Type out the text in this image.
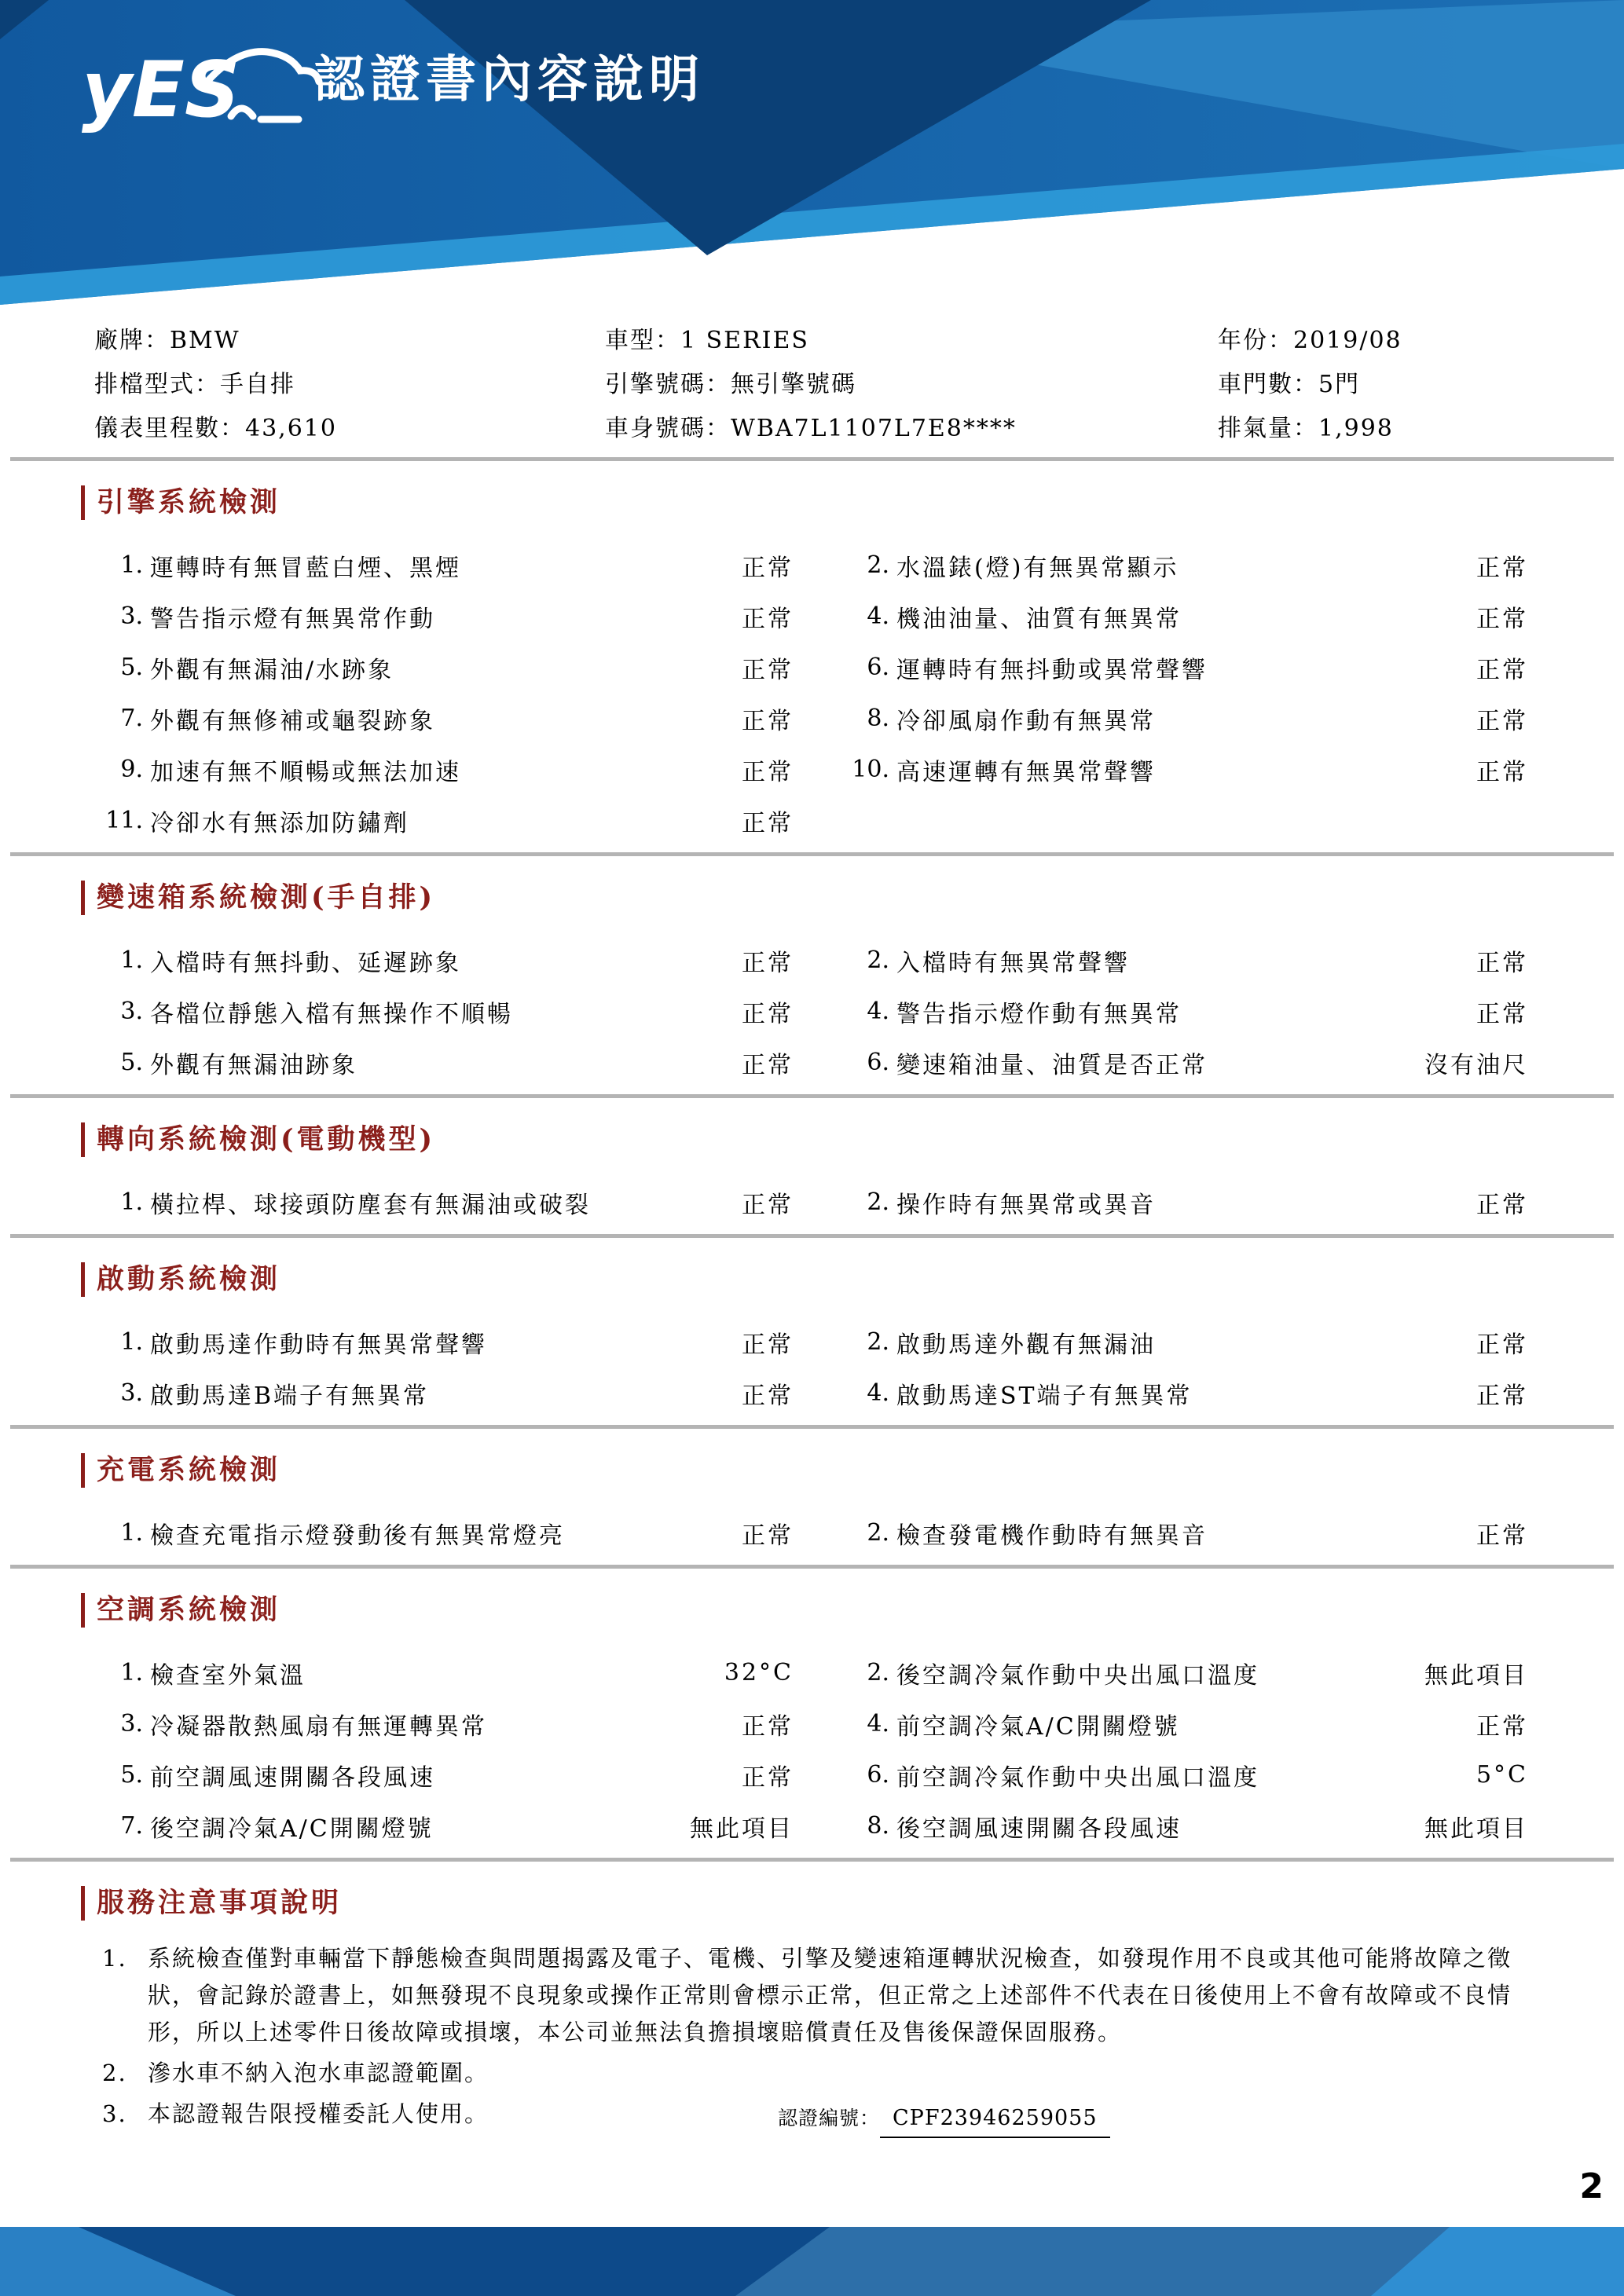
yES 認證書內容說明
廠牌：BMW	車型：1 SERIES	年份：2019/08
排檔型式：手自排	引擎號碼：無引擎號碼	車門數：5門
儀表里程數：43,610	車身號碼：WBA7L1107L7E8****	排氣量：1,998
引擎系統檢測
1. 運轉時有無冒藍白煙、黑煙	正常	2. 水溫錶(燈)有無異常顯示	正常
3. 警告指示燈有無異常作動	正常	4. 機油油量、油質有無異常	正常
5. 外觀有無漏油/水跡象	正常	6. 運轉時有無抖動或異常聲響	正常
7. 外觀有無修補或龜裂跡象	正常	8. 冷卻風扇作動有無異常	正常
9. 加速有無不順暢或無法加速	正常 10. 高速運轉有無異常聲響	正常
11. 冷卻水有無添加防鏽劑	正常
變速箱系統檢測(手自排)
1. 入檔時有無抖動、延遲跡象	正常	2. 入檔時有無異常聲響	正常
3. 各檔位靜態入檔有無操作不順暢	正常	4. 警告指示燈作動有無異常	正常
5. 外觀有無漏油跡象	正常	6. 變速箱油量、油質是否正常	沒有油尺
轉向系統檢測(電動機型)
1. 橫拉桿、球接頭防塵套有無漏油或破裂	正常	2. 操作時有無異常或異音	正常
啟動系統檢測
1. 啟動馬達作動時有無異常聲響	正常	2. 啟動馬達外觀有無漏油	正常
3. 啟動馬達B端子有無異常	正常	4. 啟動馬達ST端子有無異常	正常
充電系統檢測
1. 檢查充電指示燈發動後有無異常燈亮	正常	2. 檢查發電機作動時有無異音	正常
空調系統檢測
1. 檢查室外氣溫	32°C	2. 後空調冷氣作動中央出風口溫度	無此項目
3. 冷凝器散熱風扇有無運轉異常	正常	4. 前空調冷氣A/C開關燈號	正常
5. 前空調風速開關各段風速	正常	6. 前空調冷氣作動中央出風口溫度	5°C
7. 後空調冷氣A/C開關燈號	無此項目	8. 後空調風速開關各段風速	無此項目
服務注意事項說明
1. 系統檢查僅對車輛當下靜態檢查與問題揭露及電子、電機、引擎及變速箱運轉狀況檢查，如發現作用不良或其他可能將故障之徵狀，會記錄於證書上，如無發現不良現象或操作正常則會標示正常，但正常之上述部件不代表在日後使用上不會有故障或不良情形，所以上述零件日後故障或損壞，本公司並無法負擔損壞賠償責任及售後保證保固服務。
2. 滲水車不納入泡水車認證範圍。
3. 本認證報告限授權委託人使用。	認證編號： CPF23946259055
2
